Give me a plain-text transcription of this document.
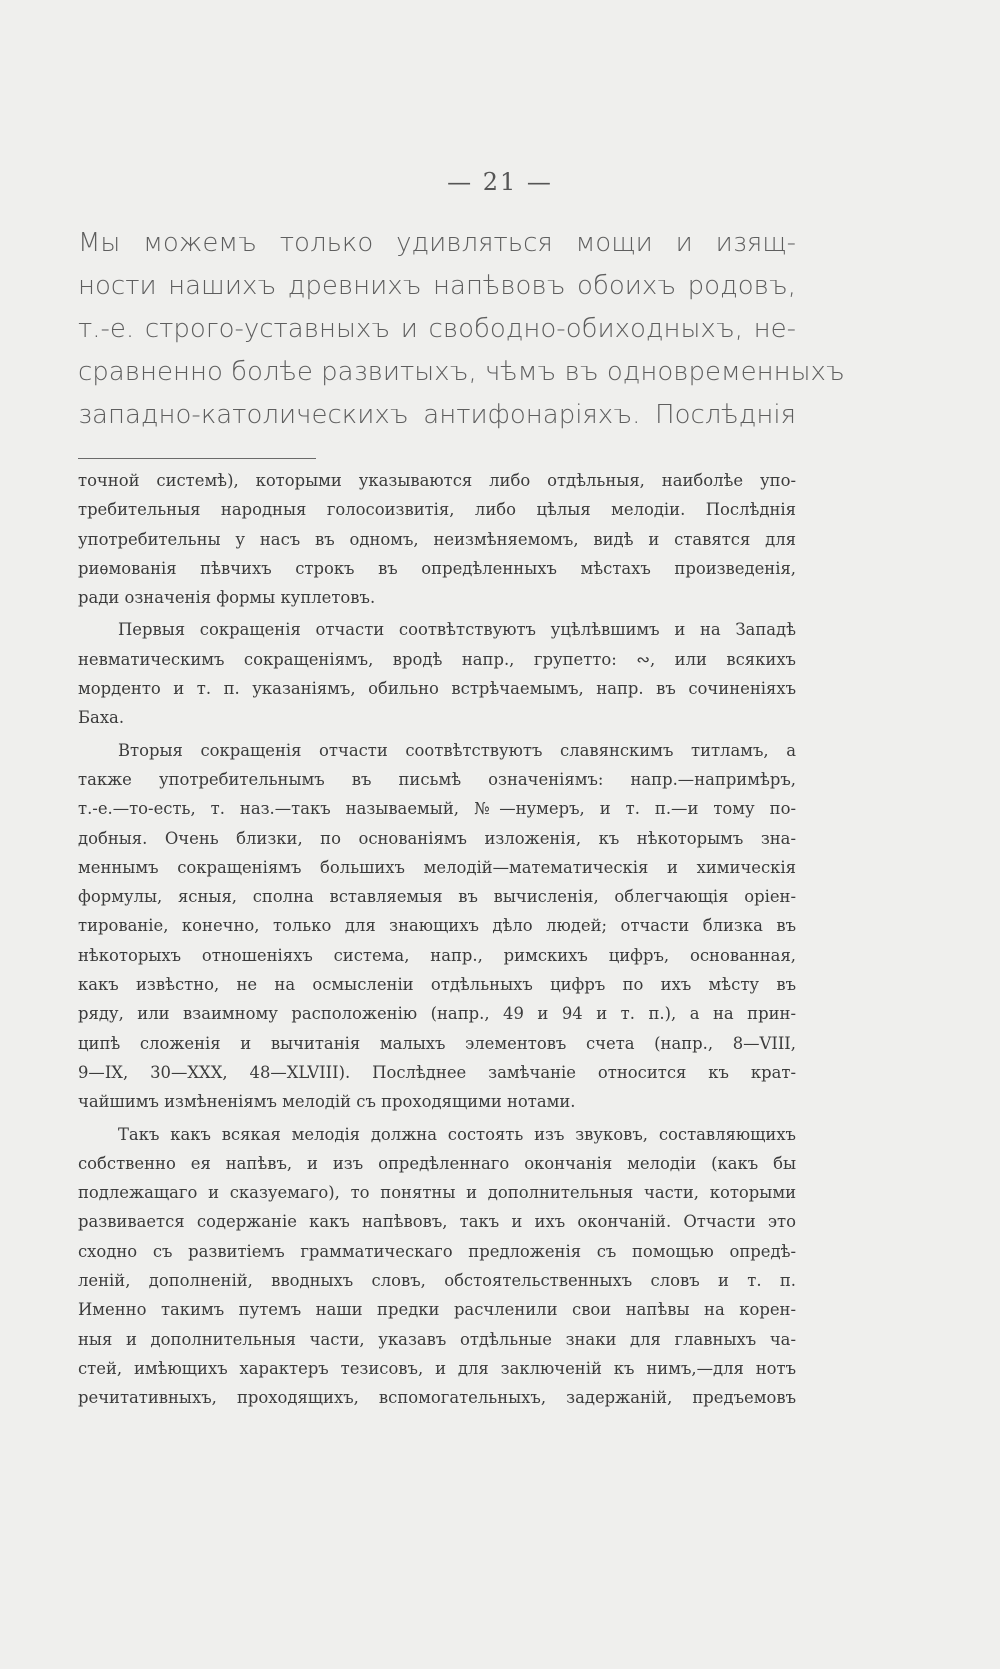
— 21 —
Мы можемъ только удивляться мощи и изящ-
ности нашихъ древнихъ напѣвовъ обоихъ родовъ,
т.-е. строго-уставныхъ и свободно-обиходныхъ, не-
сравненно болѣе развитыхъ, чѣмъ въ одновременныхъ
западно-католическихъ антифонаріяхъ. Послѣднія
точной системѣ), которыми указываются либо отдѣльныя, наиболѣе упо-
требительныя народныя голосоизвитія, либо цѣлыя мелодіи. Послѣднія
употребительны у насъ въ одномъ, неизмѣняемомъ, видѣ и ставятся для
риѳмованія пѣвчихъ строкъ въ опредѣленныхъ мѣстахъ произведенія,
ради означенія формы куплетовъ.
Первыя сокращенія отчасти соотвѣтствуютъ уцѣлѣвшимъ и на Западѣ
невматическимъ сокращеніямъ, вродѣ напр., групетто: ∾, или всякихъ
морденто и т. п. указаніямъ, обильно встрѣчаемымъ, напр. въ сочиненіяхъ
Баха.
Вторыя сокращенія отчасти соотвѣтствуютъ славянскимъ титламъ, а
также употребительнымъ въ письмѣ означеніямъ: напр.—напримѣръ,
т.-е.—то-есть, т. наз.—такъ называемый, №—нумеръ, и т. п.—и тому по-
добныя. Очень близки, по основаніямъ изложенія, къ нѣкоторымъ зна-
меннымъ сокращеніямъ большихъ мелодій—математическія и химическія
формулы, ясныя, сполна вставляемыя въ вычисленія, облегчающія оріен-
тированіе, конечно, только для знающихъ дѣло людей; отчасти близка въ
нѣкоторыхъ отношеніяхъ система, напр., римскихъ цифръ, основанная,
какъ извѣстно, не на осмысленіи отдѣльныхъ цифръ по ихъ мѣсту въ
ряду, или взаимному расположенію (напр., 49 и 94 и т. п.), а на прин-
ципѣ сложенія и вычитанія малыхъ элементовъ счета (напр., 8—VIII,
9—IX, 30—XXX, 48—XLVIII). Послѣднее замѣчаніе относится къ крат-
чайшимъ измѣненіямъ мелодій съ проходящими нотами.
Такъ какъ всякая мелодія должна состоять изъ звуковъ, составляющихъ
собственно ея напѣвъ, и изъ опредѣленнаго окончанія мелодіи (какъ бы
подлежащаго и сказуемаго), то понятны и дополнительныя части, которыми
развивается содержаніе какъ напѣвовъ, такъ и ихъ окончаній. Отчасти это
сходно съ развитіемъ грамматическаго предложенія съ помощью опредѣ-
леній, дополненій, вводныхъ словъ, обстоятельственныхъ словъ и т. п.
Именно такимъ путемъ наши предки расчленили свои напѣвы на корен-
ныя и дополнительныя части, указавъ отдѣльные знаки для главныхъ ча-
стей, имѣющихъ характеръ тезисовъ, и для заключеній къ нимъ,—для нотъ
речитативныхъ, проходящихъ, вспомогательныхъ, задержаній, предъемовъ
